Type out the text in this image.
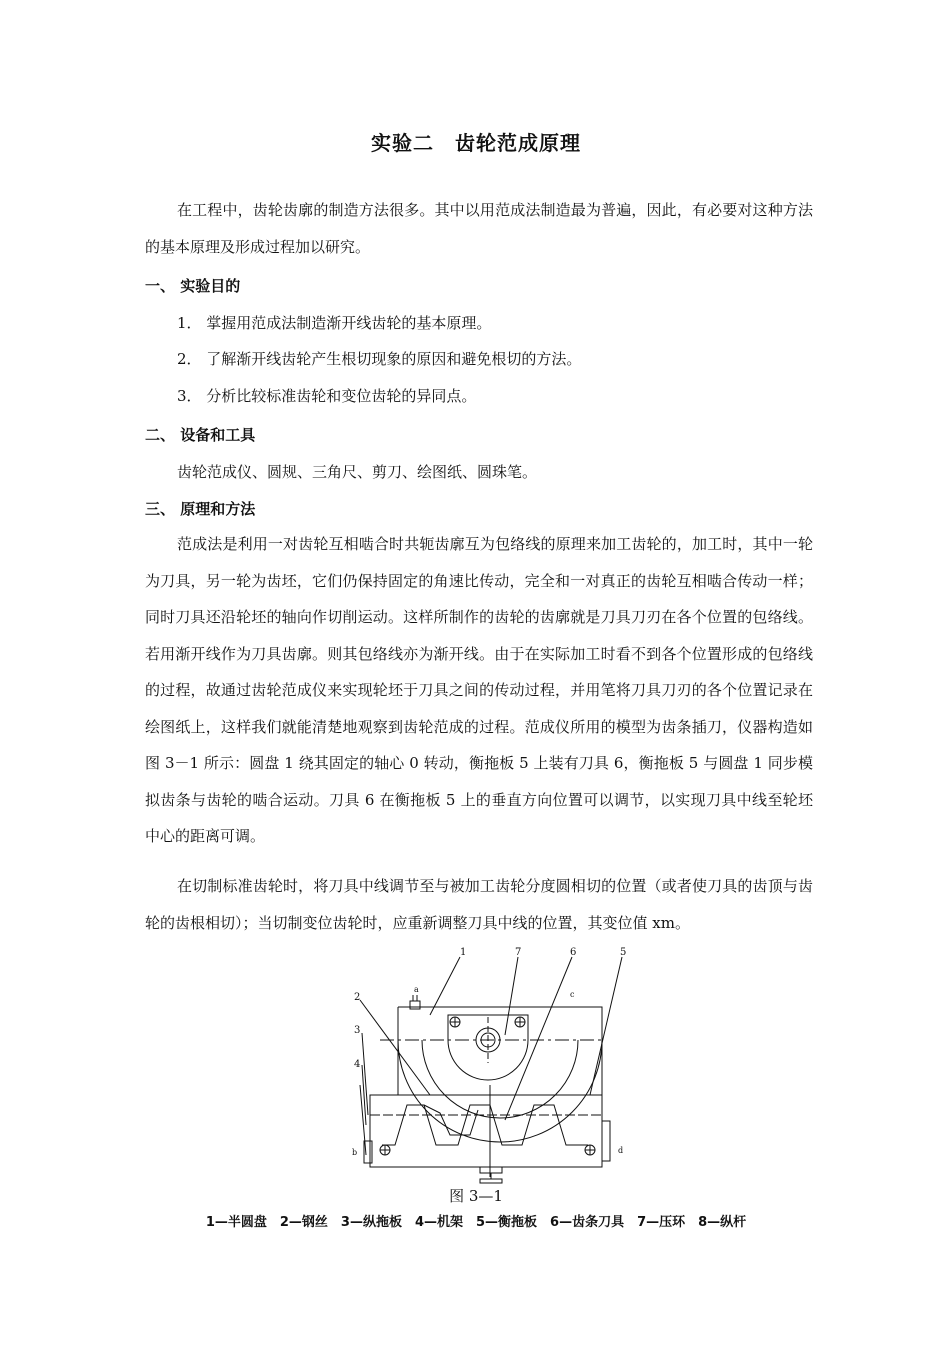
实验二　齿轮范成原理

在工程中，齿轮齿廓的制造方法很多。其中以用范成法制造最为普遍，因此，有必要对这种方法的基本原理及形成过程加以研究。

一、 实验目的
1． 掌握用范成法制造渐开线齿轮的基本原理。
2． 了解渐开线齿轮产生根切现象的原因和避免根切的方法。
3． 分析比较标准齿轮和变位齿轮的异同点。
二、 设备和工具
齿轮范成仪、圆规、三角尺、剪刀、绘图纸、圆珠笔。
三、 原理和方法

范成法是利用一对齿轮互相啮合时共轭齿廓互为包络线的原理来加工齿轮的，加工时，其中一轮为刀具，另一轮为齿坯，它们仍保持固定的角速比传动，完全和一对真正的齿轮互相啮合传动一样；同时刀具还沿轮坯的轴向作切削运动。这样所制作的齿轮的齿廓就是刀具刀刃在各个位置的包络线。若用渐开线作为刀具齿廓。则其包络线亦为渐开线。由于在实际加工时看不到各个位置形成的包络线的过程，故通过齿轮范成仪来实现轮坯于刀具之间的传动过程，并用笔将刀具刀刃的各个位置记录在绘图纸上，这样我们就能清楚地观察到齿轮范成的过程。范成仪所用的模型为齿条插刀，仪器构造如图 3－1 所示：圆盘 1 绕其固定的轴心 0 转动，衡拖板 5 上装有刀具 6，衡拖板 5 与圆盘 1 同步模拟齿条与齿轮的啮合运动。刀具 6 在衡拖板 5 上的垂直方向位置可以调节，以实现刀具中线至轮坯中心的距离可调。

在切制标准齿轮时，将刀具中线调节至与被加工齿轮分度圆相切的位置（或者使刀具的齿顶与齿轮的齿根相切）；当切制变位齿轮时，应重新调整刀具中线的位置，其变位值 xm。

1	7	6	5
2
3
4
a
c
b	d
图 3—1
1—半圆盘　2—钢丝　3—纵拖板　4—机架　5—衡拖板　6—齿条刀具　7—压环　8—纵杆
